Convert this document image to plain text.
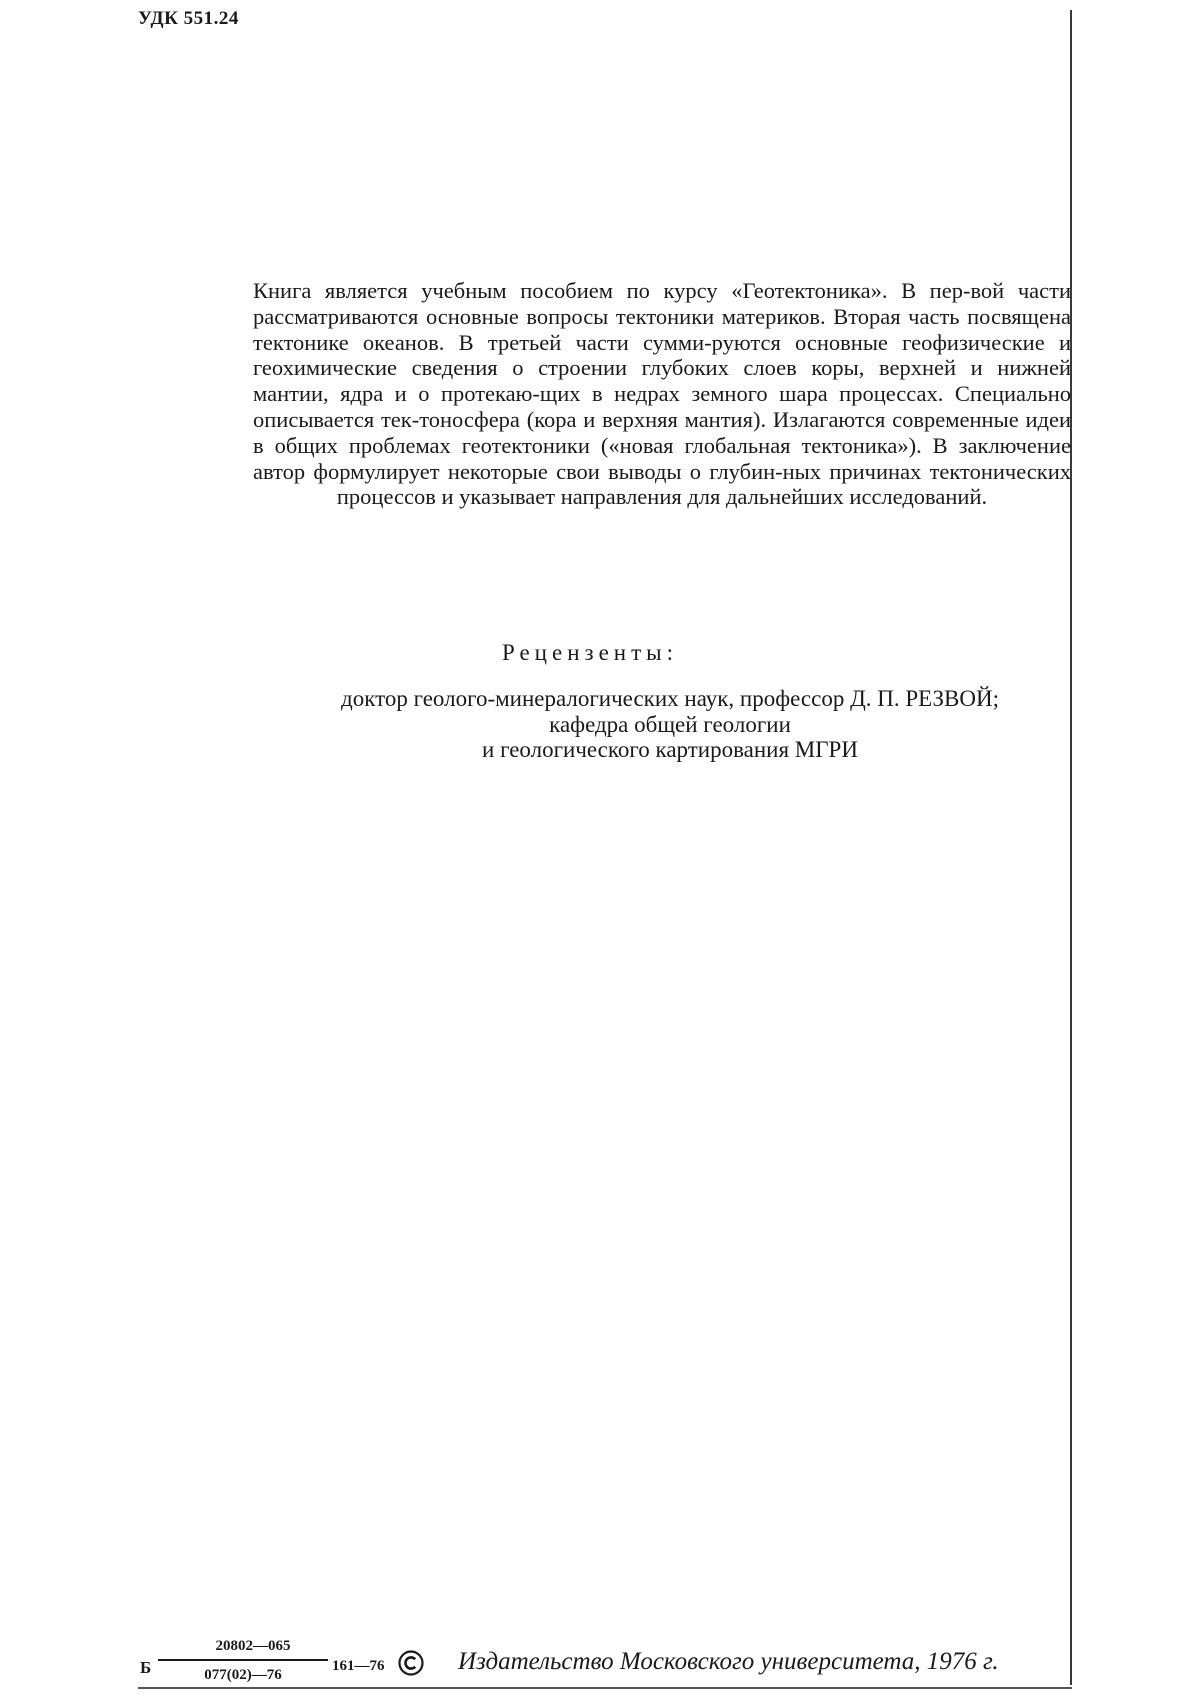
УДК 551.24
Книга является учебным пособием по курсу «Геотектоника». В пер-вой части рассматриваются основные вопросы тектоники материков. Вторая часть посвящена тектонике океанов. В третьей части сумми-руются основные геофизические и геохимические сведения о строении глубоких слоев коры, верхней и нижней мантии, ядра и о протекаю-щих в недрах земного шара процессах. Специально описывается тек-тоносфера (кора и верхняя мантия). Излагаются современные идеи в общих проблемах геотектоники («новая глобальная тектоника»). В заключение автор формулирует некоторые свои выводы о глубин-ных причинах тектонических процессов и указывает направления для дальнейших исследований.
Рецензенты:
доктор геолого-минералогических наук, профессор Д. П. РЕЗВОЙ;
кафедра общей геологии
и геологического картирования МГРИ
Б
20802—065
077(02)—76
161—76	Издательство Московского университета, 1976 г.
